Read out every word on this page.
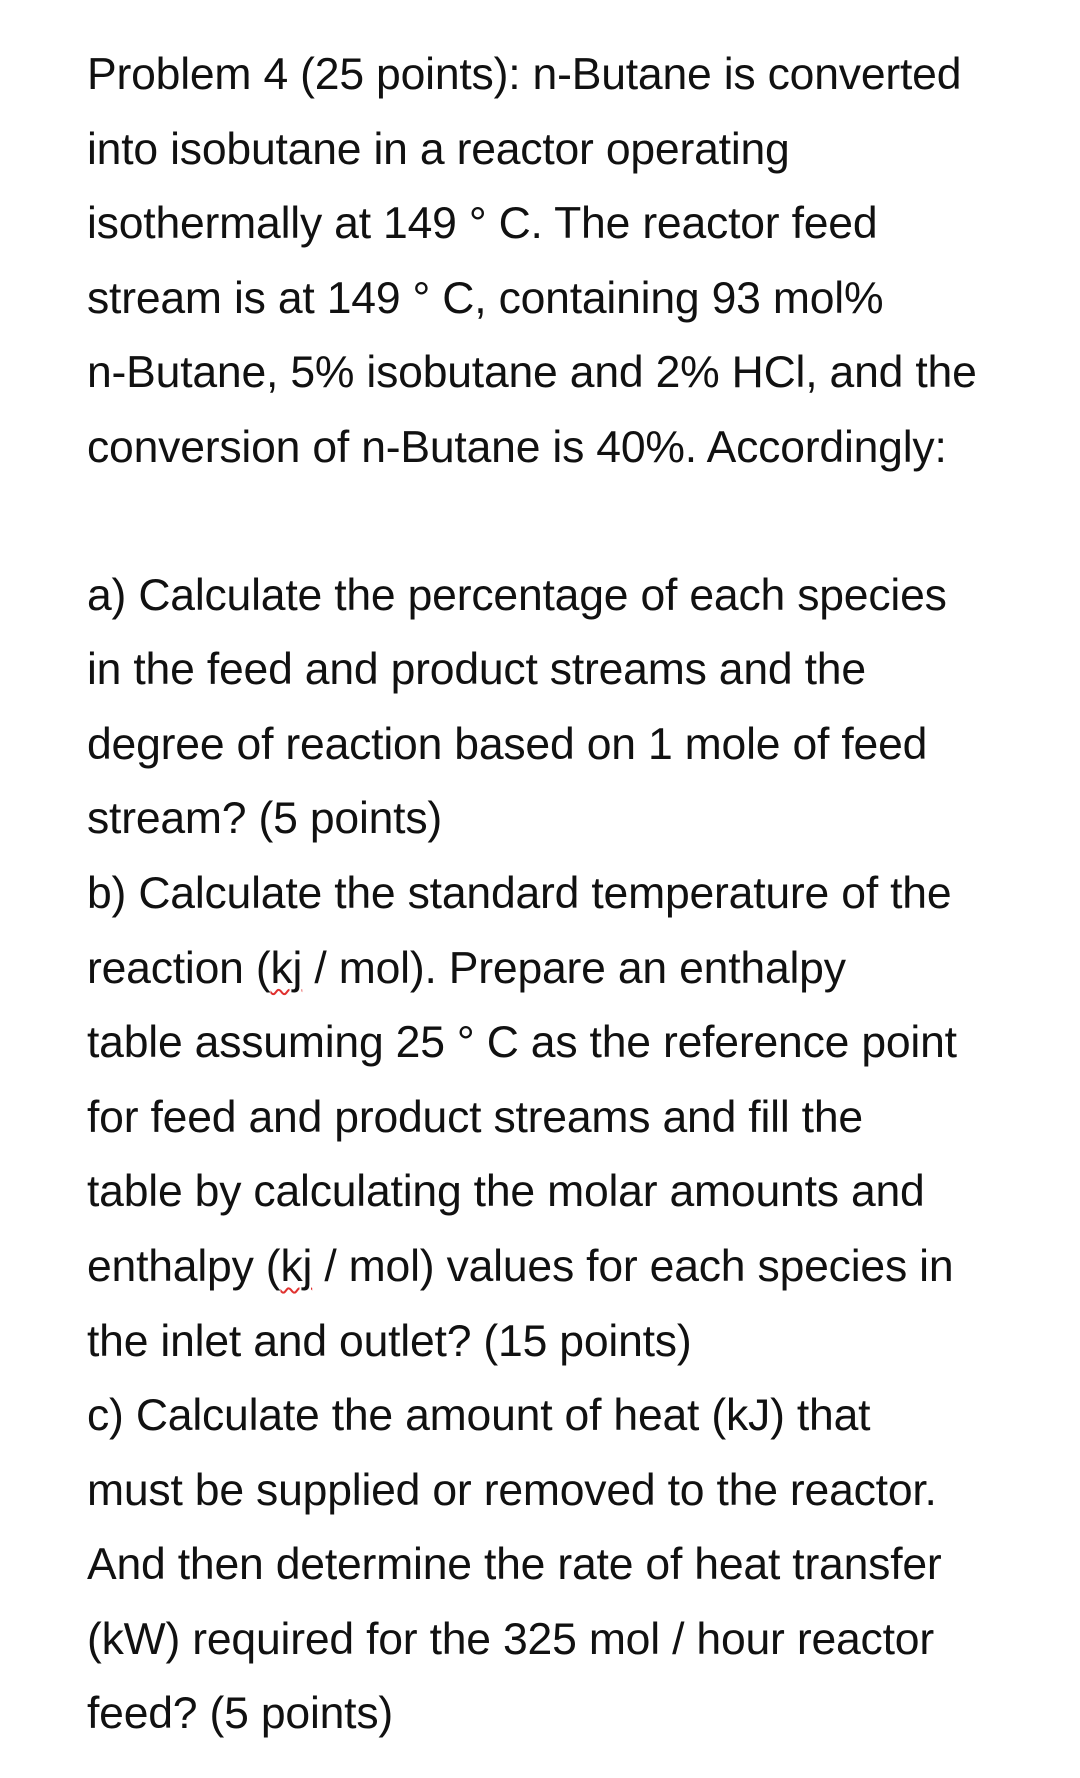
Problem 4 (25 points): n-Butane is converted
into isobutane in a reactor operating
isothermally at 149 ° C. The reactor feed
stream is at 149 ° C, containing 93 mol%
n-Butane, 5% isobutane and 2% HCl, and the
conversion of n-Butane is 40%. Accordingly:
a) Calculate the percentage of each species
in the feed and product streams and the
degree of reaction based on 1 mole of feed
stream? (5 points)
b) Calculate the standard temperature of the
reaction (kj / mol). Prepare an enthalpy
table assuming 25 ° C as the reference point
for feed and product streams and fill the
table by calculating the molar amounts and
enthalpy (kj / mol) values for each species in
the inlet and outlet? (15 points)
c) Calculate the amount of heat (kJ) that
must be supplied or removed to the reactor.
And then determine the rate of heat transfer
(kW) required for the 325 mol / hour reactor
feed? (5 points)
